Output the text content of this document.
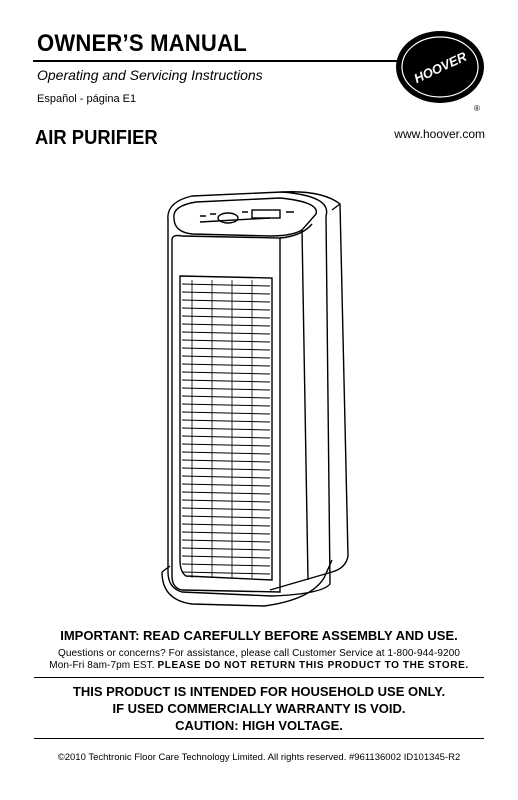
OWNER’S MANUAL
Operating and Servicing Instructions
Español - página E1
AIR PURIFIER	www.hoover.com
®
HOOVER
IMPORTANT: READ CAREFULLY BEFORE ASSEMBLY AND USE.
Questions or concerns? For assistance, please call Customer Service at 1-800-944-9200
Mon-Fri 8am-7pm EST. PLEASE DO NOT RETURN THIS PRODUCT TO THE STORE.
THIS PRODUCT IS INTENDED FOR HOUSEHOLD USE ONLY.
IF USED COMMERCIALLY WARRANTY IS VOID.
CAUTION: HIGH VOLTAGE.
©2010 Techtronic Floor Care Technology Limited. All rights reserved. #961136002 ID101345-R2
